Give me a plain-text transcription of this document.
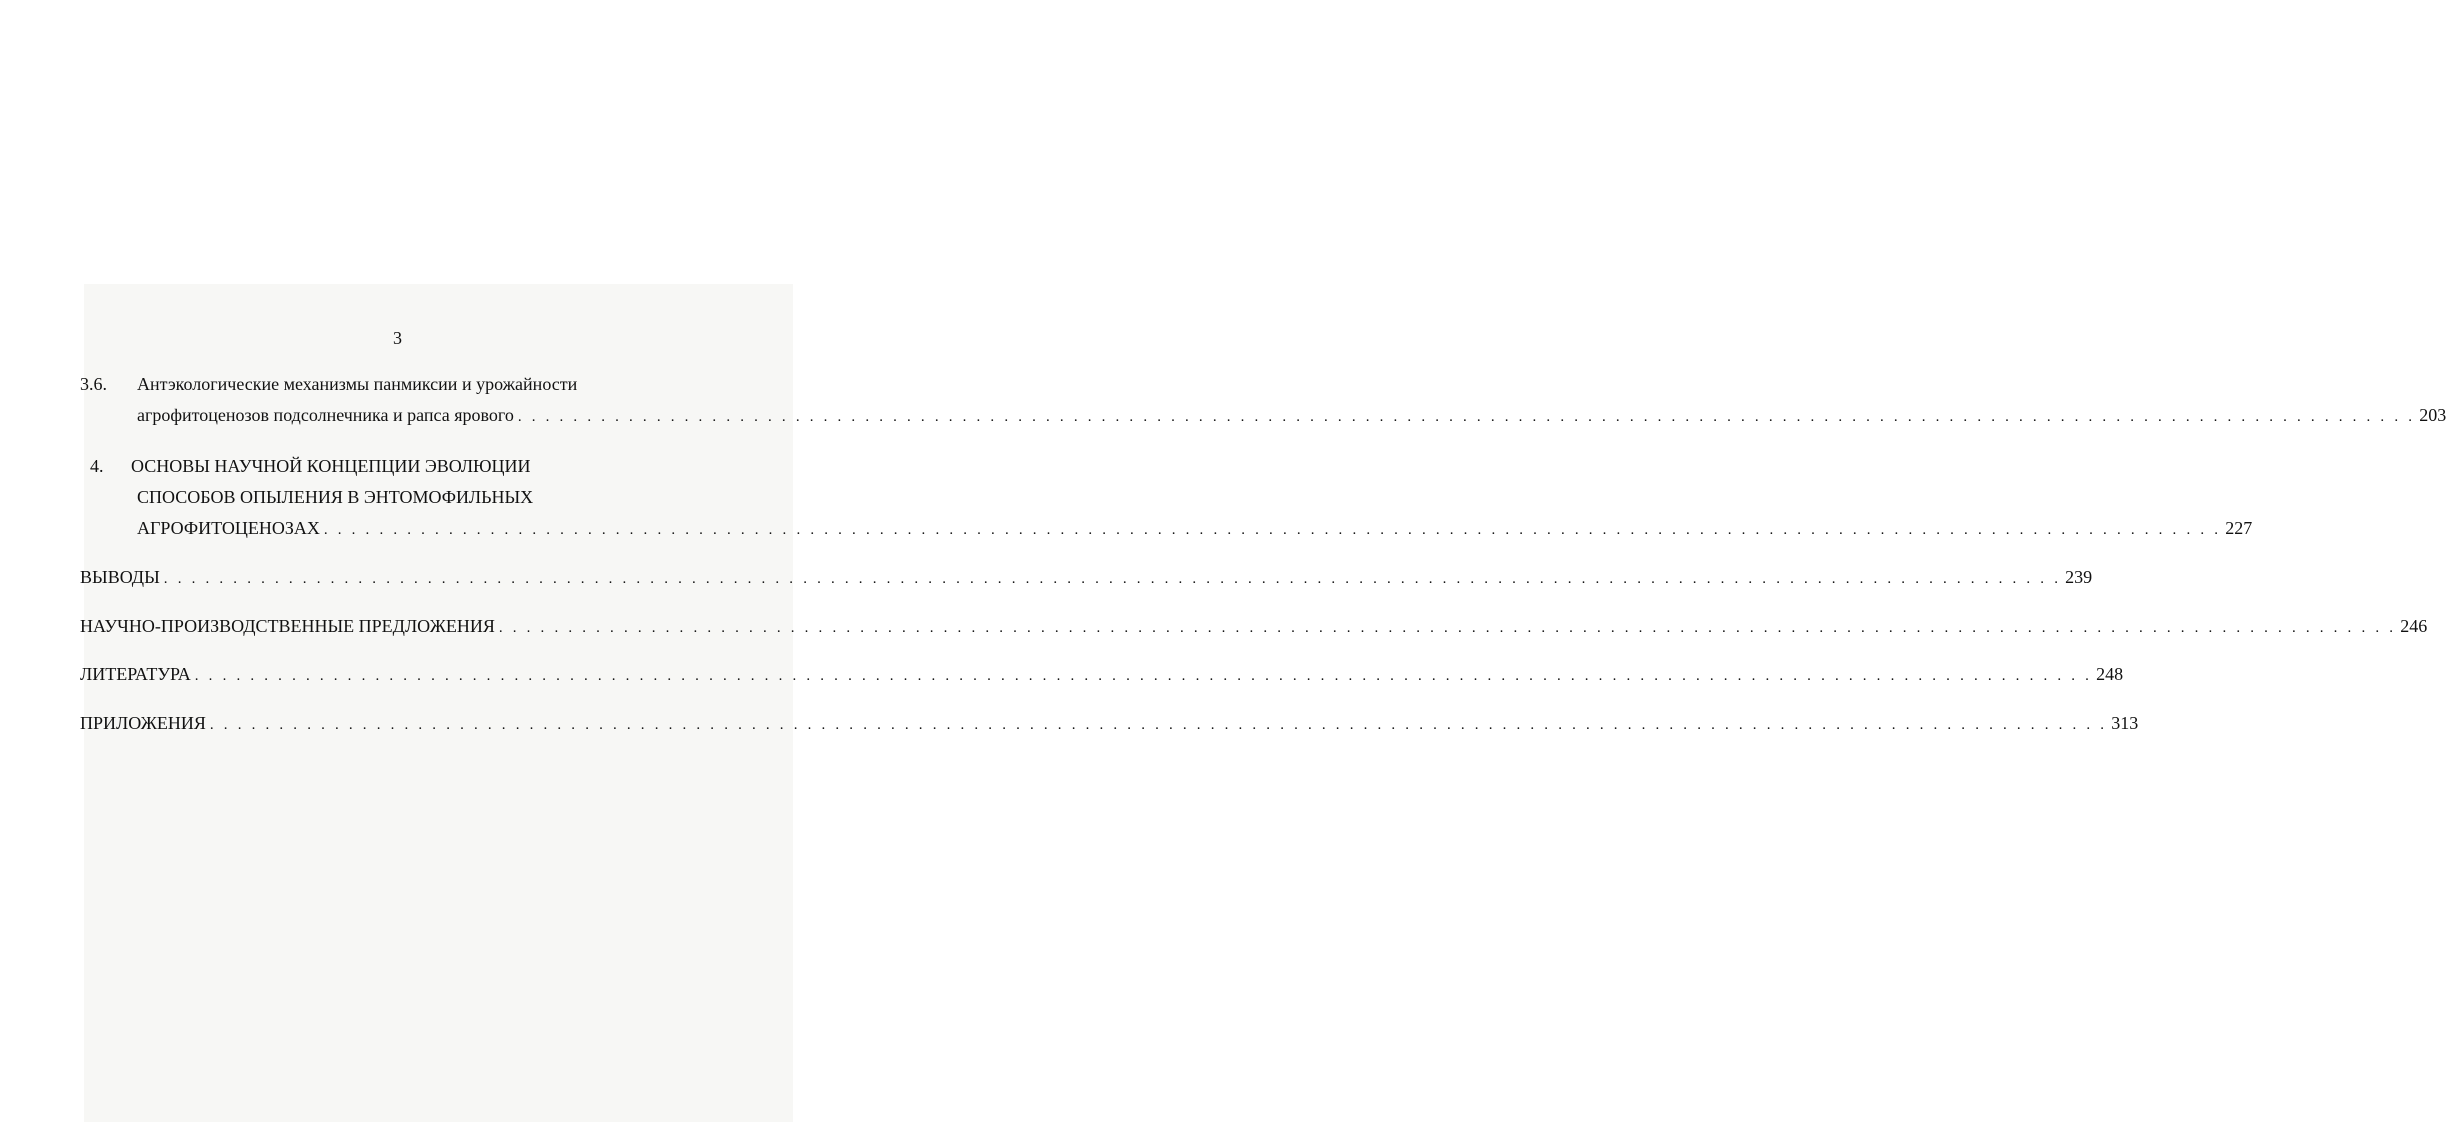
3
3.6. Антэкологические механизмы панмиксии и урожайности
агрофитоценозов подсолнечника и рапса ярового . . . . . . . . . . . . . . . . . . . . . . . . . . . . . . . . . . . . . . . . . . . . . . . . . . . . . . . . . . . . . . . . . . . . . . . . . . . . . . . . . . . . . . . . . . . . . . . . . . . . . . . . . . . . . . . . . . . . . . . . . . . . . . . . . . . . . . . . . 203
4. ОСНОВЫ НАУЧНОЙ КОНЦЕПЦИИ ЭВОЛЮЦИИ
СПОСОБОВ ОПЫЛЕНИЯ В ЭНТОМОФИЛЬНЫХ
АГРОФИТОЦЕНОЗАХ . . . . . . . . . . . . . . . . . . . . . . . . . . . . . . . . . . . . . . . . . . . . . . . . . . . . . . . . . . . . . . . . . . . . . . . . . . . . . . . . . . . . . . . . . . . . . . . . . . . . . . . . . . . . . . . . . . . . . . . . . . . . . . . . . . . . . . . . . 227
ВЫВОДЫ . . . . . . . . . . . . . . . . . . . . . . . . . . . . . . . . . . . . . . . . . . . . . . . . . . . . . . . . . . . . . . . . . . . . . . . . . . . . . . . . . . . . . . . . . . . . . . . . . . . . . . . . . . . . . . . . . . . . . . . . . . . . . . . . . . . . . . . . . 239
НАУЧНО-ПРОИЗВОДСТВЕННЫЕ ПРЕДЛОЖЕНИЯ . . . . . . . . . . . . . . . . . . . . . . . . . . . . . . . . . . . . . . . . . . . . . . . . . . . . . . . . . . . . . . . . . . . . . . . . . . . . . . . . . . . . . . . . . . . . . . . . . . . . . . . . . . . . . . . . . . . . . . . . . . . . . . . . . . . . . . . . . 246
ЛИТЕРАТУРА . . . . . . . . . . . . . . . . . . . . . . . . . . . . . . . . . . . . . . . . . . . . . . . . . . . . . . . . . . . . . . . . . . . . . . . . . . . . . . . . . . . . . . . . . . . . . . . . . . . . . . . . . . . . . . . . . . . . . . . . . . . . . . . . . . . . . . . . . 248
ПРИЛОЖЕНИЯ . . . . . . . . . . . . . . . . . . . . . . . . . . . . . . . . . . . . . . . . . . . . . . . . . . . . . . . . . . . . . . . . . . . . . . . . . . . . . . . . . . . . . . . . . . . . . . . . . . . . . . . . . . . . . . . . . . . . . . . . . . . . . . . . . . . . . . . . . 313
